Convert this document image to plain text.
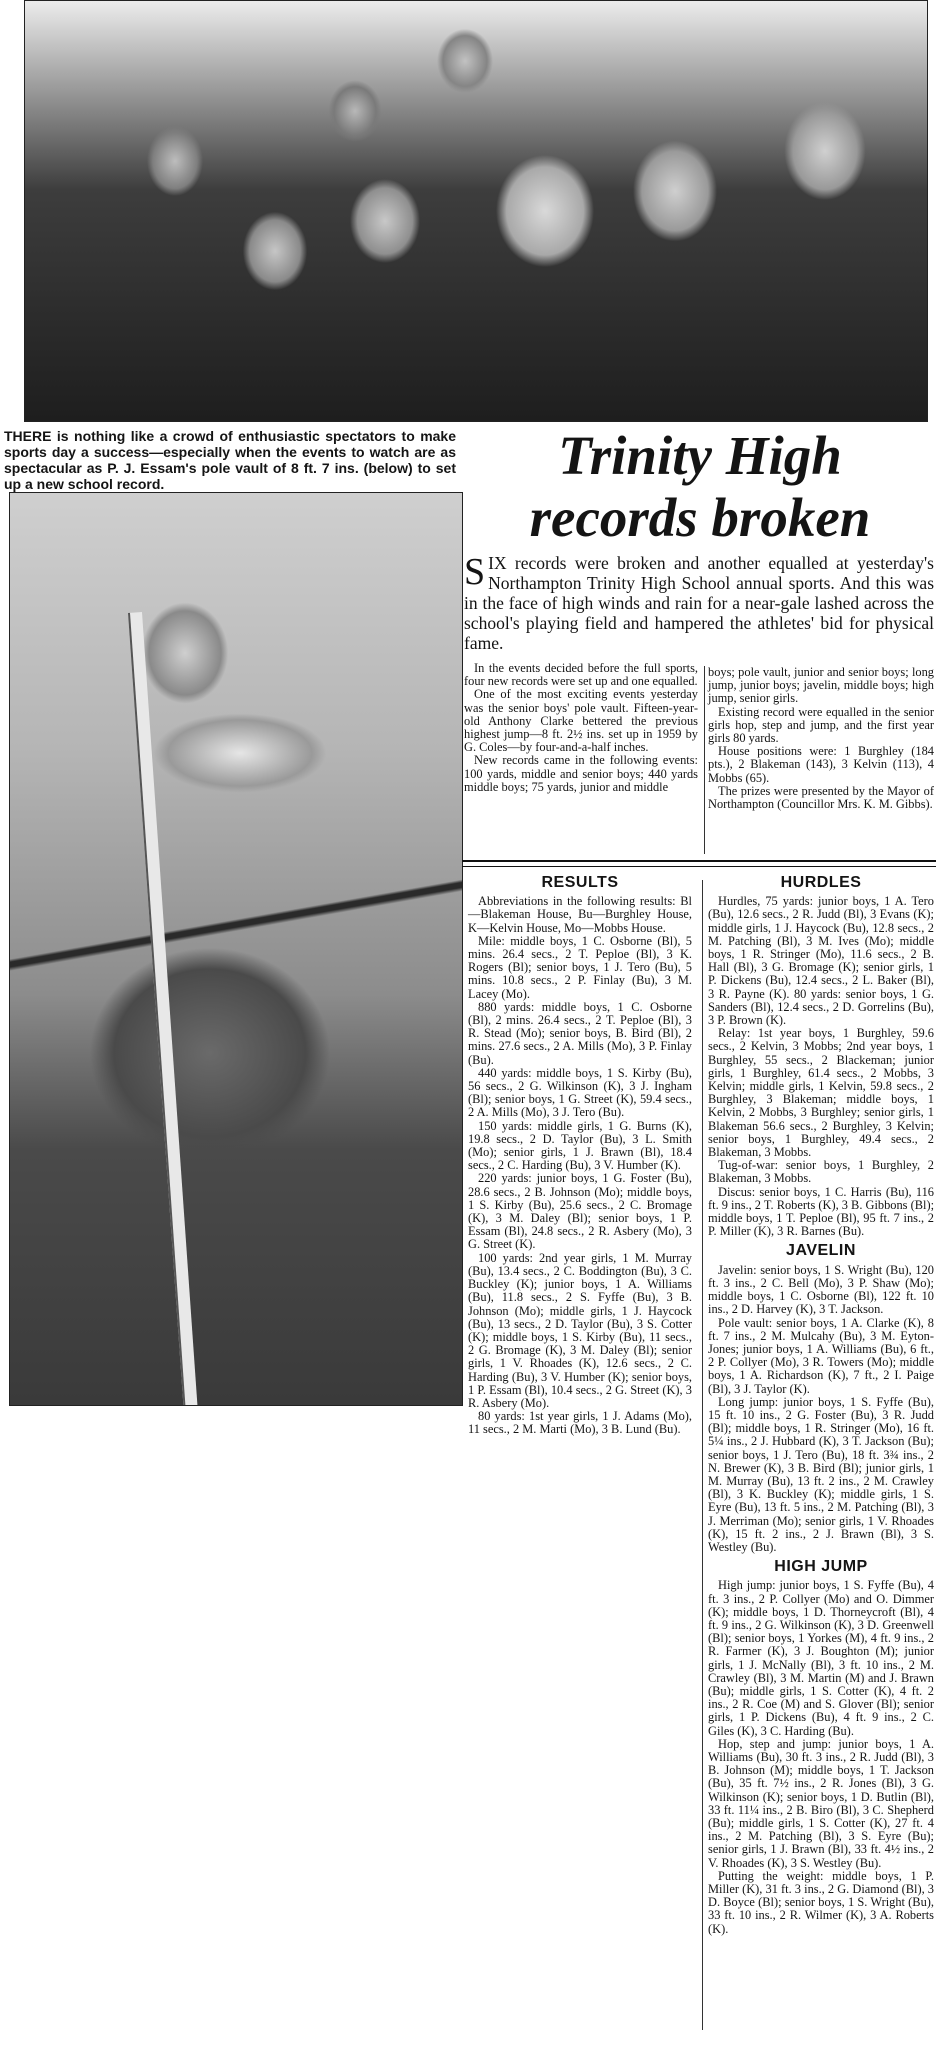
THERE is nothing like a crowd of enthusiastic spectators to make sports day a success—especially when the events to watch are as spectacular as P. J. Essam's pole vault of 8 ft. 7 ins. (below) to set up a new school record.	Trinity High
records broken
SIX records were broken and another equalled at yesterday's Northampton Trinity High School annual sports. And this was in the face of high winds and rain for a near-gale lashed across the school's playing field and hampered the athletes' bid for physical fame.

In the events decided before the full sports, four new records were set up and one equalled.

One of the most exciting events yesterday was the senior boys' pole vault. Fifteen-year-old Anthony Clarke bettered the previous highest jump—8 ft. 2½ ins. set up in 1959 by G. Coles—by four-and-a-half inches.

New records came in the following events: 100 yards, middle and senior boys; 440 yards middle boys; 75 yards, junior and middle

boys; pole vault, junior and senior boys; long jump, junior boys; javelin, middle boys; high jump, senior girls.

Existing record were equalled in the senior girls hop, step and jump, and the first year girls 80 yards.

House positions were: 1 Burghley (184 pts.), 2 Blakeman (143), 3 Kelvin (113), 4 Mobbs (65).

The prizes were presented by the Mayor of Northampton (Councillor Mrs. K. M. Gibbs).

RESULTS

Abbreviations in the following results: Bl—Blakeman House, Bu—Burghley House, K—Kelvin House, Mo—Mobbs House.

Mile: middle boys, 1 C. Osborne (Bl), 5 mins. 26.4 secs., 2 T. Peploe (Bl), 3 K. Rogers (Bl); senior boys, 1 J. Tero (Bu), 5 mins. 10.8 secs., 2 P. Finlay (Bu), 3 M. Lacey (Mo).

880 yards: middle boys, 1 C. Osborne (Bl), 2 mins. 26.4 secs., 2 T. Peploe (Bl), 3 R. Stead (Mo); senior boys, B. Bird (Bl), 2 mins. 27.6 secs., 2 A. Mills (Mo), 3 P. Finlay (Bu).

440 yards: middle boys, 1 S. Kirby (Bu), 56 secs., 2 G. Wilkinson (K), 3 J. Ingham (Bl); senior boys, 1 G. Street (K), 59.4 secs., 2 A. Mills (Mo), 3 J. Tero (Bu).

150 yards: middle girls, 1 G. Burns (K), 19.8 secs., 2 D. Taylor (Bu), 3 L. Smith (Mo); senior girls, 1 J. Brawn (Bl), 18.4 secs., 2 C. Harding (Bu), 3 V. Humber (K).

220 yards: junior boys, 1 G. Foster (Bu), 28.6 secs., 2 B. Johnson (Mo); middle boys, 1 S. Kirby (Bu), 25.6 secs., 2 C. Bromage (K), 3 M. Daley (Bl); senior boys, 1 P. Essam (Bl), 24.8 secs., 2 R. Asbery (Mo), 3 G. Street (K).

100 yards: 2nd year girls, 1 M. Murray (Bu), 13.4 secs., 2 C. Boddington (Bu), 3 C. Buckley (K); junior boys, 1 A. Williams (Bu), 11.8 secs., 2 S. Fyffe (Bu), 3 B. Johnson (Mo); middle girls, 1 J. Haycock (Bu), 13 secs., 2 D. Taylor (Bu), 3 S. Cotter (K); middle boys, 1 S. Kirby (Bu), 11 secs., 2 G. Bromage (K), 3 M. Daley (Bl); senior girls, 1 V. Rhoades (K), 12.6 secs., 2 C. Harding (Bu), 3 V. Humber (K); senior boys, 1 P. Essam (Bl), 10.4 secs., 2 G. Street (K), 3 R. Asbery (Mo).

80 yards: 1st year girls, 1 J. Adams (Mo), 11 secs., 2 M. Marti (Mo), 3 B. Lund (Bu).

HURDLES

Hurdles, 75 yards: junior boys, 1 A. Tero (Bu), 12.6 secs., 2 R. Judd (Bl), 3 Evans (K); middle girls, 1 J. Haycock (Bu), 12.8 secs., 2 M. Patching (Bl), 3 M. Ives (Mo); middle boys, 1 R. Stringer (Mo), 11.6 secs., 2 B. Hall (Bl), 3 G. Bromage (K); senior girls, 1 P. Dickens (Bu), 12.4 secs., 2 L. Baker (Bl), 3 R. Payne (K). 80 yards: senior boys, 1 G. Sanders (Bl), 12.4 secs., 2 D. Gorrelins (Bu), 3 P. Brown (K).

Relay: 1st year boys, 1 Burghley, 59.6 secs., 2 Kelvin, 3 Mobbs; 2nd year boys, 1 Burghley, 55 secs., 2 Blackeman; junior girls, 1 Burghley, 61.4 secs., 2 Mobbs, 3 Kelvin; middle girls, 1 Kelvin, 59.8 secs., 2 Burghley, 3 Blakeman; middle boys, 1 Kelvin, 2 Mobbs, 3 Burghley; senior girls, 1 Blakeman 56.6 secs., 2 Burghley, 3 Kelvin; senior boys, 1 Burghley, 49.4 secs., 2 Blakeman, 3 Mobbs.

Tug-of-war: senior boys, 1 Burghley, 2 Blakeman, 3 Mobbs.

Discus: senior boys, 1 C. Harris (Bu), 116 ft. 9 ins., 2 T. Roberts (K), 3 B. Gibbons (Bl); middle boys, 1 T. Peploe (Bl), 95 ft. 7 ins., 2 P. Miller (K), 3 R. Barnes (Bu).

JAVELIN

Javelin: senior boys, 1 S. Wright (Bu), 120 ft. 3 ins., 2 C. Bell (Mo), 3 P. Shaw (Mo); middle boys, 1 C. Osborne (Bl), 122 ft. 10 ins., 2 D. Harvey (K), 3 T. Jackson.

Pole vault: senior boys, 1 A. Clarke (K), 8 ft. 7 ins., 2 M. Mulcahy (Bu), 3 M. Eyton-Jones; junior boys, 1 A. Williams (Bu), 6 ft., 2 P. Collyer (Mo), 3 R. Towers (Mo); middle boys, 1 A. Richardson (K), 7 ft., 2 I. Paige (Bl), 3 J. Taylor (K).

Long jump: junior boys, 1 S. Fyffe (Bu), 15 ft. 10 ins., 2 G. Foster (Bu), 3 R. Judd (Bl); middle boys, 1 R. Stringer (Mo), 16 ft. 5¼ ins., 2 J. Hubbard (K), 3 T. Jackson (Bu); senior boys, 1 J. Tero (Bu), 18 ft. 3¾ ins., 2 N. Brewer (K), 3 B. Bird (Bl); junior girls, 1 M. Murray (Bu), 13 ft. 2 ins., 2 M. Crawley (Bl), 3 K. Buckley (K); middle girls, 1 S. Eyre (Bu), 13 ft. 5 ins., 2 M. Patching (Bl), 3 J. Merriman (Mo); senior girls, 1 V. Rhoades (K), 15 ft. 2 ins., 2 J. Brawn (Bl), 3 S. Westley (Bu).

HIGH JUMP

High jump: junior boys, 1 S. Fyffe (Bu), 4 ft. 3 ins., 2 P. Collyer (Mo) and O. Dimmer (K); middle boys, 1 D. Thorneycroft (Bl), 4 ft. 9 ins., 2 G. Wilkinson (K), 3 D. Greenwell (Bl); senior boys, 1 Yorkes (M), 4 ft. 9 ins., 2 R. Farmer (K), 3 J. Boughton (M); junior girls, 1 J. McNally (Bl), 3 ft. 10 ins., 2 M. Crawley (Bl), 3 M. Martin (M) and J. Brawn (Bu); middle girls, 1 S. Cotter (K), 4 ft. 2 ins., 2 R. Coe (M) and S. Glover (Bl); senior girls, 1 P. Dickens (Bu), 4 ft. 9 ins., 2 C. Giles (K), 3 C. Harding (Bu).

Hop, step and jump: junior boys, 1 A. Williams (Bu), 30 ft. 3 ins., 2 R. Judd (Bl), 3 B. Johnson (M); middle boys, 1 T. Jackson (Bu), 35 ft. 7½ ins., 2 R. Jones (Bl), 3 G. Wilkinson (K); senior boys, 1 D. Butlin (Bl), 33 ft. 11¼ ins., 2 B. Biro (Bl), 3 C. Shepherd (Bu); middle girls, 1 S. Cotter (K), 27 ft. 4 ins., 2 M. Patching (Bl), 3 S. Eyre (Bu); senior girls, 1 J. Brawn (Bl), 33 ft. 4½ ins., 2 V. Rhoades (K), 3 S. Westley (Bu).

Putting the weight: middle boys, 1 P. Miller (K), 31 ft. 3 ins., 2 G. Diamond (Bl), 3 D. Boyce (Bl); senior boys, 1 S. Wright (Bu), 33 ft. 10 ins., 2 R. Wilmer (K), 3 A. Roberts (K).
